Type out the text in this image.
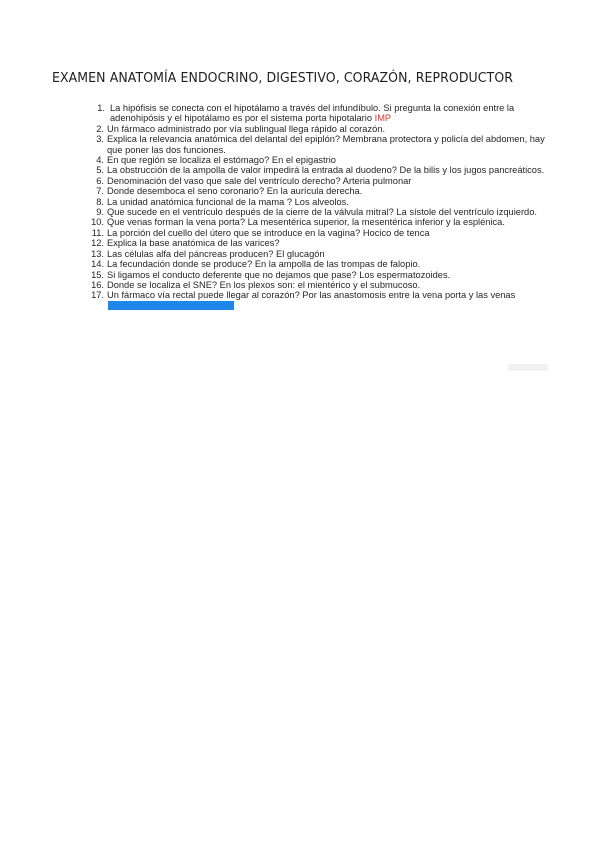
EXAMEN ANATOMÍA ENDOCRINO, DIGESTIVO, CORAZÓN, REPRODUCTOR
1. La hipófisis se conecta con el hipotálamo a través del infundíbulo. Si pregunta la conexión entre la adenohipósis y el hipotálamo es por el sistema porta hipotalario IMP
2. Un fármaco administrado por vía sublingual llega rápido al corazón.
3. Explica la relevancia anatómica del delantal del epiplón? Membrana protectora y policía del abdomen, hay que poner las dos funciones.
4. En que región se localiza el estómago? En el epigastrio
5. La obstrucción de la ampolla de valor impedirá la entrada al duodeno? De la bilis y los jugos pancreáticos.
6. Denominación del vaso que sale del ventrículo derecho? Arteria pulmonar
7. Donde desemboca el seno coronario? En la aurícula derecha.
8. La unidad anatómica funcional de la mama ? Los alveolos.
9. Que sucede en el ventrículo después de la cierre de la válvula mitral? La sístole del ventrículo izquierdo.
10. Que venas forman la vena porta? La mesentérica superior, la mesentérica inferior y la esplénica.
11. La porción del cuello del útero que se introduce en la vagina? Hocico de tenca
12. Explica la base anatómica de las varices?
13. Las células alfa del páncreas producen? El glucagón
14. La fecundación donde se produce? En la ampolla de las trompas de falopio.
15. Si ligamos el conducto deferente que no dejamos que pase? Los espermatozoides.
16. Donde se localiza el SNE? En los plexos son: el mientérico y el submucoso.
17. Un fármaco vía rectal puede llegar al corazón? Por las anastomosis entre la vena porta y las venas
